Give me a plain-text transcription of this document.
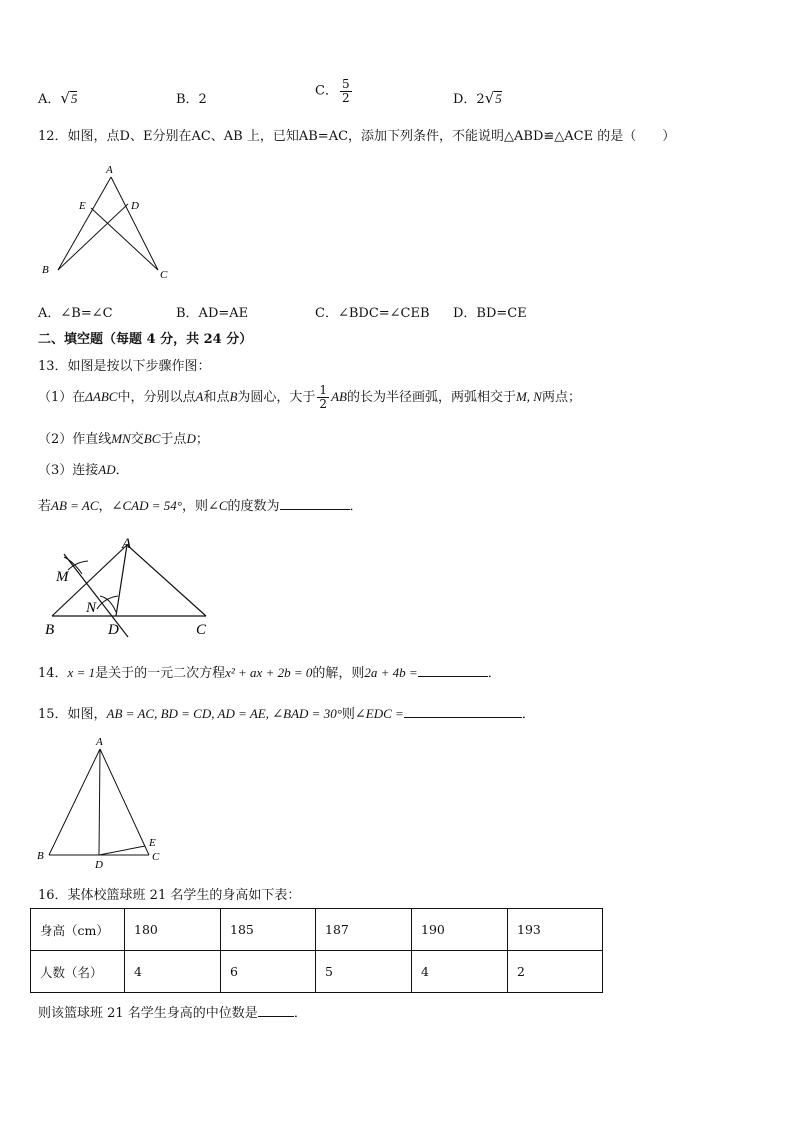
A．√5	B．2
C． $\frac{5}{2}$	D．2√5
12．如图，点D、E分别在AC、AB 上，已知AB=AC，添加下列条件，不能说明△ABD≌△ACE 的是（　　）
A
E	D
B	C
A．∠B=∠C	B．AD=AE	C．∠BDC=∠CEB D．BD=CE
二、填空题（每题 4 分，共 24 分）
13．如图是按以下步骤作图：
（1）在ΔABC中，分别以点A和点B为圆心，大于 $\frac{1}{2}$ AB的长为半径画弧，两弧相交于M, N两点；
（2）作直线MN交BC于点D；
（3）连接AD．
若AB = AC，∠CAD = 54°，则∠C的度数为	．
A
M
N
B	D	C
14．x = 1是关于的一元二次方程x² + ax + 2b = 0的解，则2a + 4b =	．
15．如图，AB = AC, BD = CD, AD = AE, ∠BAD = 30°则∠EDC =	．
A
B
D
E
C
16．某体校篮球班 21 名学生的身高如下表：
身高（cm）	180	185	187	190	193
人数（名）	4	6	5	4	2
则该篮球班 21 名学生身高的中位数是	．
